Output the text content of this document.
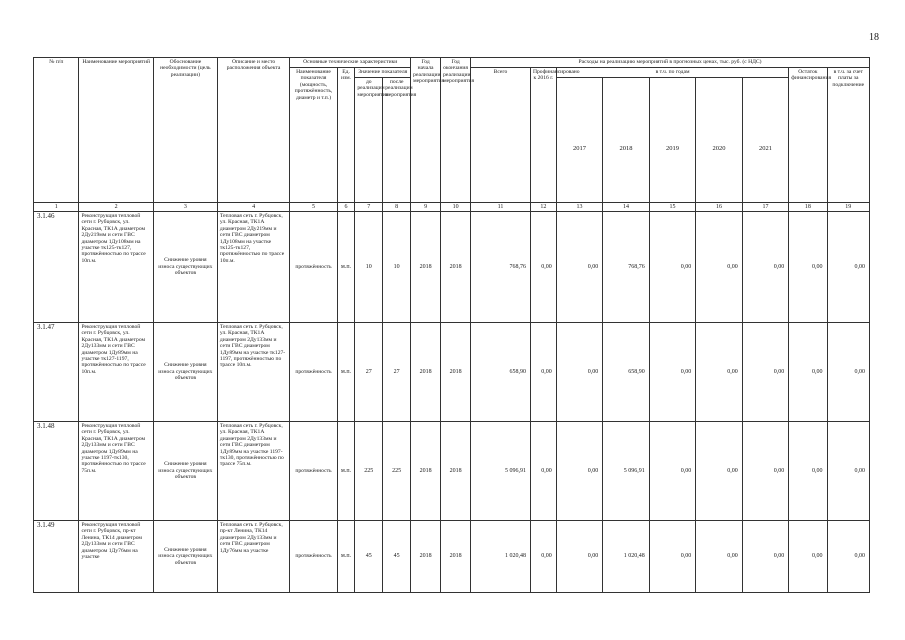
18
№ п/п	Наименование мероприятий	Обоснование необходимости (цель реализации)	Описание и место расположения объекта	Основные технические характеристики				Год начала реализации мероприятия	Год окончания реализации мероприятия	Расходы на реализацию мероприятий в прогнозных ценах, тыс. руб. (с НДС)								
				Наименование показателя (мощность, протяжённость, диаметр и т.п.)	Ед. изм.	Значение показателя				Всего	Профинансировано к 2016 г.	в т.ч. по годам					Остаток финансирования	в т.ч. за счет платы за подключение
						до реализации мероприятия	после реализации мероприятия					2017	2018	2019	2020	2021		

1	2	3	4	5	6	7	8	9	10	11	12	13	14	15	16	17	18	19
3.1.46	Реконструкция тепловой сети г. Рубцовск, ул. Красная, ТК1А диаметром 2Ду219мм и сети ГВС диаметром 1Ду108мм на участке тк125-тк127, протяжённостью по трассе 10п.м.	Снижение уровня износа существующих объектов	Тепловая сеть г. Рубцовск, ул. Красная, ТК1А диаметром 2Ду219мм и сети ГВС диаметром 1Ду108мм на участке тк125-тк127, протяжённостью по трассе 10п.м.	протяжённость	м.п.	10	10	2018	2018	768,76	0,00	0,00	768,76	0,00	0,00	0,00	0,00	0,00
3.1.47	Реконструкция тепловой сети г. Рубцовск, ул. Красная, ТК1А диаметром 2Ду133мм и сети ГВС диаметром 1Ду89мм на участке тк127-1197, протяжённостью по трассе 10п.м.	Снижение уровня износа существующих объектов	Тепловая сеть г. Рубцовск, ул. Красная, ТК1А диаметром 2Ду133мм и сети ГВС диаметром 1Ду89мм на участке тк127-1197, протяжённостью по трассе 10п.м.	протяжённость	м.п.	27	27	2018	2018	658,90	0,00	0,00	658,90	0,00	0,00	0,00	0,00	0,00
3.1.48	Реконструкция тепловой сети г. Рубцовск, ул. Красная, ТК1А диаметром 2Ду133мм и сети ГВС диаметром 1Ду89мм на участке 1197-тк130, протяжённостью по трассе 75п.м.	Снижение уровня износа существующих объектов	Тепловая сеть г. Рубцовск, ул. Красная, ТК1А диаметром 2Ду133мм и сети ГВС диаметром 1Ду89мм на участке 1197-тк130, протяжённостью по трассе 75п.м.	протяжённость	м.п.	225	225	2018	2018	5 096,91	0,00	0,00	5 096,91	0,00	0,00	0,00	0,00	0,00
3.1.49	Реконструкция тепловой сети г. Рубцовск, пр-кт Ленина, ТК14 диаметром 2Ду133мм и сети ГВС диаметром 1Ду76мм на участке	Снижение уровня износа существующих объектов	Тепловая сеть г. Рубцовск, пр-кт Ленина, ТК14 диаметром 2Ду133мм и сети ГВС диаметром 1Ду76мм на участке	протяжённость	м.п.	45	45	2018	2018	1 020,48	0,00	0,00	1 020,48	0,00	0,00	0,00	0,00	0,00
